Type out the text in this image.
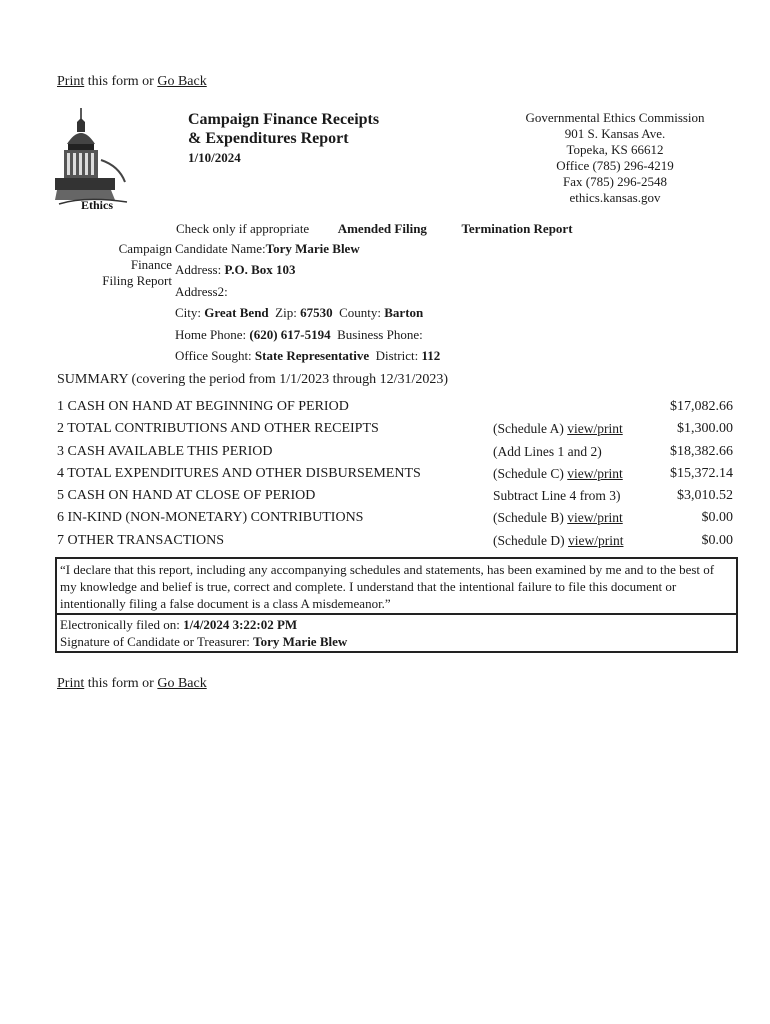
Print this form or Go Back
Ethics
Campaign Finance Receipts
& Expenditures Report
1/10/2024
Governmental Ethics Commission
901 S. Kansas Ave.
Topeka, KS 66612
Office (785) 296-4219
Fax (785) 296-2548
ethics.kansas.gov
Check only if appropriate Amended Filing	Termination Report
Campaign
Finance
Filing Report
Candidate Name:Tory Marie Blew
Address: P.O. Box 103
Address2:
City: Great Bend Zip: 67530 County: Barton
Home Phone: (620) 617-5194 Business Phone:
Office Sought: State Representative District: 112
SUMMARY (covering the period from 1/1/2023 through 12/31/2023)
1 CASH ON HAND AT BEGINNING OF PERIOD	$17,082.66
2 TOTAL CONTRIBUTIONS AND OTHER RECEIPTS	(Schedule A) view/print	$1,300.00
3 CASH AVAILABLE THIS PERIOD	(Add Lines 1 and 2)	$18,382.66
4 TOTAL EXPENDITURES AND OTHER DISBURSEMENTS	(Schedule C) view/print	$15,372.14
5 CASH ON HAND AT CLOSE OF PERIOD	Subtract Line 4 from 3)	$3,010.52
6 IN-KIND (NON-MONETARY) CONTRIBUTIONS	(Schedule B) view/print	$0.00
7 OTHER TRANSACTIONS	(Schedule D) view/print	$0.00
“I declare that this report, including any accompanying schedules and statements, has been examined by me and to the best of my knowledge and belief is true, correct and complete. I understand that the intentional failure to file this document or intentionally filing a false document is a class A misdemeanor.”
Electronically filed on: 1/4/2024 3:22:02 PM
Signature of Candidate or Treasurer: Tory Marie Blew
Print this form or Go Back
